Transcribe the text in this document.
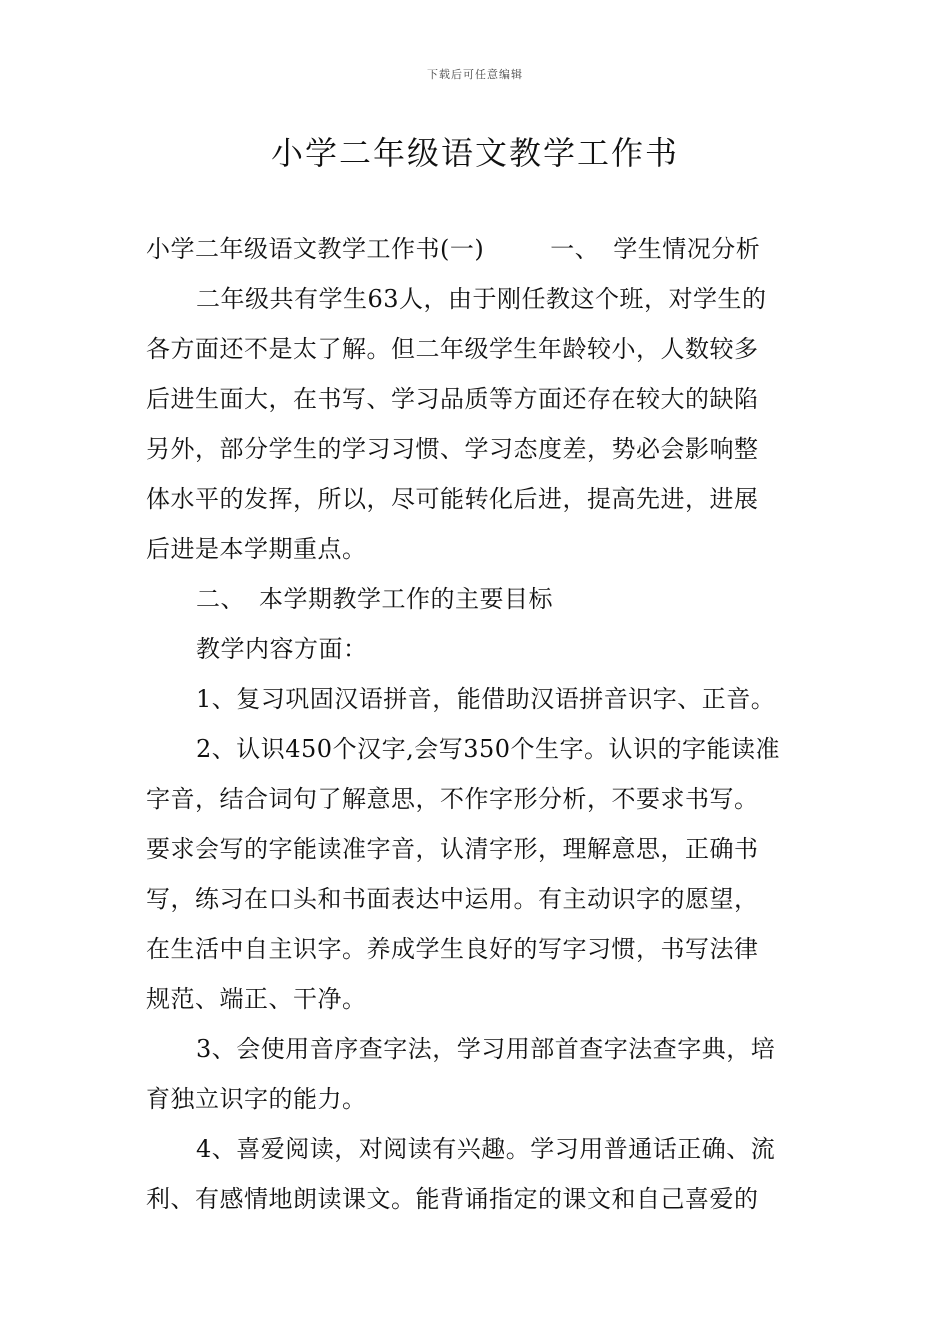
下载后可任意编辑
小学二年级语文教学工作书
小学二年级语文教学工作书(一)	一、 学生情况分析
二年级共有学生63人，由于刚任教这个班，对学生的
各方面还不是太了解。但二年级学生年龄较小，人数较多
后进生面大，在书写、学习品质等方面还存在较大的缺陷
另外，部分学生的学习习惯、学习态度差，势必会影响整
体水平的发挥，所以，尽可能转化后进，提高先进，进展
后进是本学期重点。
二、 本学期教学工作的主要目标
教学内容方面：
1、复习巩固汉语拼音，能借助汉语拼音识字、正音。
2、认识450个汉字,会写350个生字。认识的字能读准
字音，结合词句了解意思，不作字形分析，不要求书写。
要求会写的字能读准字音，认清字形，理解意思，正确书
写，练习在口头和书面表达中运用。有主动识字的愿望，
在生活中自主识字。养成学生良好的写字习惯，书写法律
规范、端正、干净。
3、会使用音序查字法，学习用部首查字法查字典，培
育独立识字的能力。
4、喜爱阅读，对阅读有兴趣。学习用普通话正确、流
利、有感情地朗读课文。能背诵指定的课文和自己喜爱的
